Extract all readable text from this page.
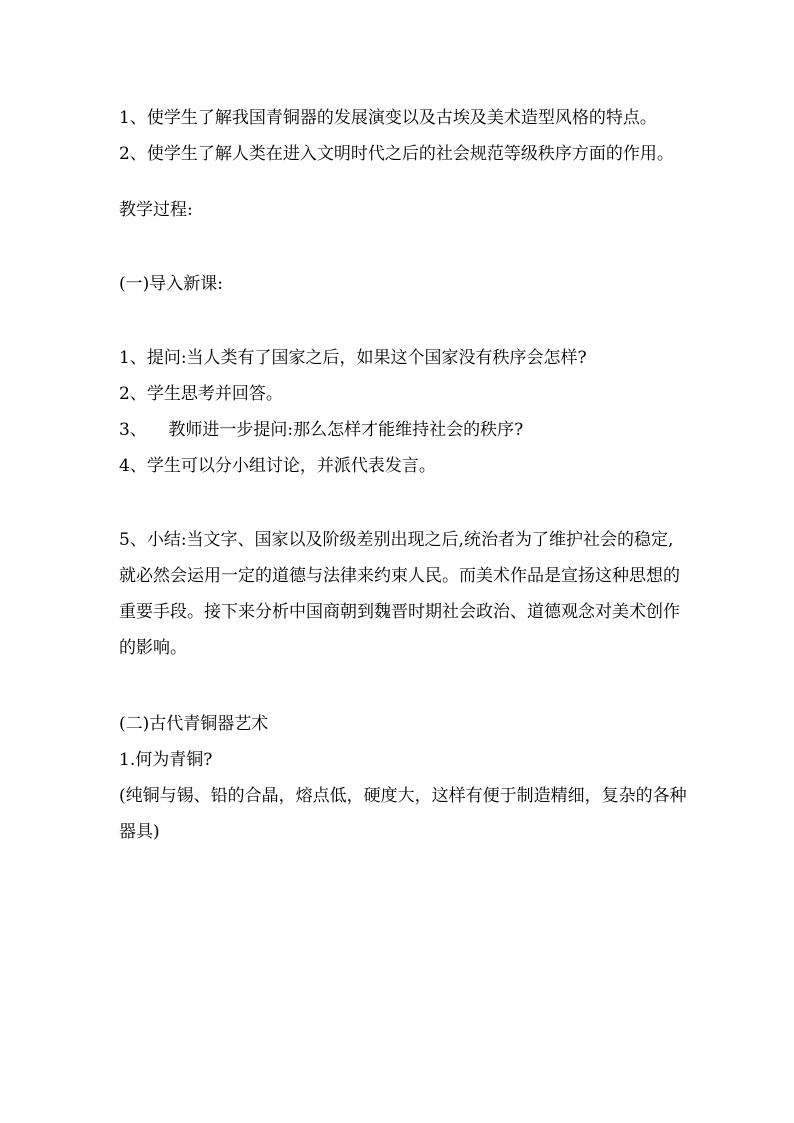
1、使学生了解我国青铜器的发展演变以及古埃及美术造型风格的特点。

2、使学生了解人类在进入文明时代之后的社会规范等级秩序方面的作用。

教学过程:

(一)导入新课:

1、提问:当人类有了国家之后，如果这个国家没有秩序会怎样?

2、学生思考并回答。

3、    教师进一步提问:那么怎样才能维持社会的秩序?

4、学生可以分小组讨论，并派代表发言。

5、小结:当文字、国家以及阶级差别出现之后,统治者为了维护社会的稳定,就必然会运用一定的道德与法律来约束人民。而美术作品是宣扬这种思想的重要手段。接下来分析中国商朝到魏晋时期社会政治、道德观念对美术创作的影响。

(二)古代青铜器艺术

1.何为青铜?

(纯铜与锡、铅的合晶，熔点低，硬度大，这样有便于制造精细，复杂的各种器具)
